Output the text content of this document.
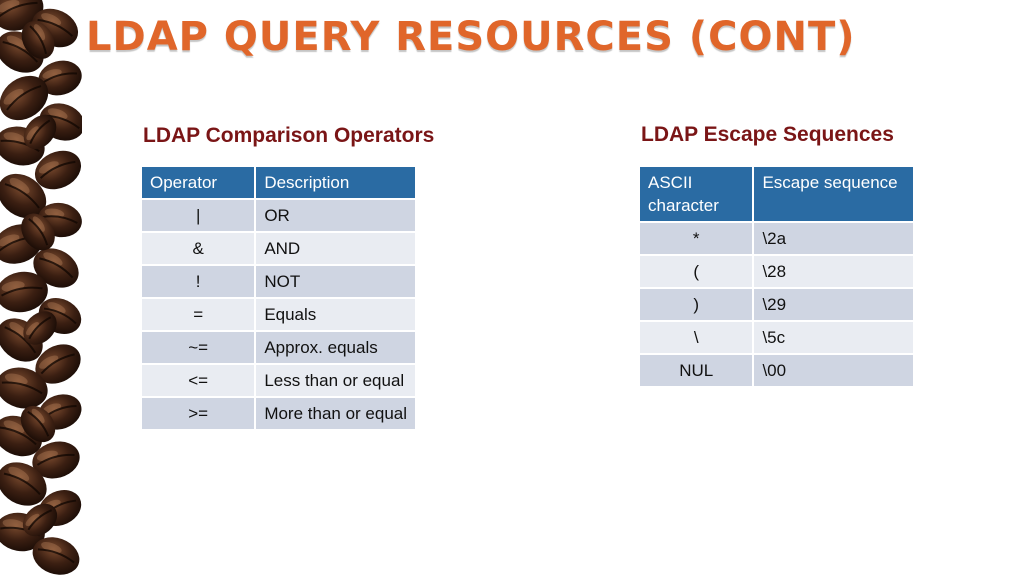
LDAP QUERY RESOURCES (CONT)
LDAP Comparison Operators	LDAP Escape Sequences
Operator	Description
|	OR
&	AND
!	NOT
=	Equals
~=	Approx. equals
<=	Less than or equal
>=	More than or equal
ASCII character	Escape sequence
*	\2a
(	\28
)	\29
\	\5c
NUL	\00
